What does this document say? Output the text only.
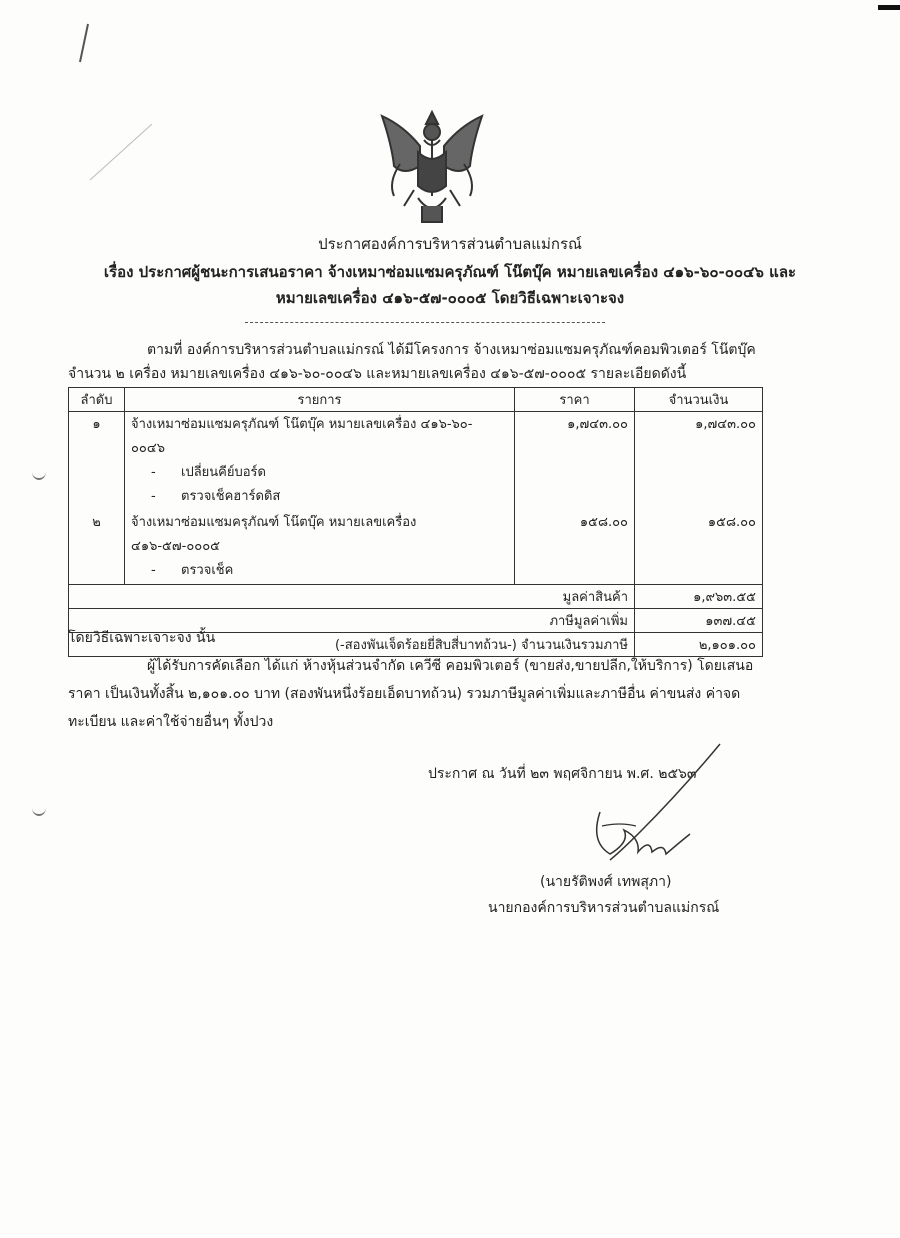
ประกาศองค์การบริหารส่วนตำบลแม่กรณ์
เรื่อง ประกาศผู้ชนะการเสนอราคา จ้างเหมาซ่อมแซมครุภัณฑ์ โน๊ตบุ๊ค หมายเลขเครื่อง ๔๑๖-๖๐-๐๐๔๖ และ
หมายเลขเครื่อง ๔๑๖-๕๗-๐๐๐๕ โดยวิธีเฉพาะเจาะจง
ตามที่ องค์การบริหารส่วนตำบลแม่กรณ์ ได้มีโครงการ จ้างเหมาซ่อมแซมครุภัณฑ์คอมพิวเตอร์ โน๊ตบุ๊ค
จำนวน ๒ เครื่อง หมายเลขเครื่อง ๔๑๖-๖๐-๐๐๔๖ และหมายเลขเครื่อง ๔๑๖-๕๗-๐๐๐๕ รายละเอียดดังนี้
ลำดับ	รายการ	ราคา	จำนวนเงิน
๑	จ้างเหมาซ่อมแซมครุภัณฑ์ โน๊ตบุ๊ค หมายเลขเครื่อง ๔๑๖-๖๐-
๐๐๔๖
- เปลี่ยนคีย์บอร์ด
- ตรวจเช็คฮาร์ดดิส	๑,๗๔๓.๐๐	๑,๗๔๓.๐๐
๒	จ้างเหมาซ่อมแซมครุภัณฑ์ โน๊ตบุ๊ค หมายเลขเครื่อง ๔๑๖-๕๗-๐๐๐๕
- ตรวจเช็ค	๑๕๘.๐๐	๑๕๘.๐๐
มูลค่าสินค้า			๑,๙๖๓.๕๕
ภาษีมูลค่าเพิ่ม			๑๓๗.๔๕
(-สองพันเจ็ดร้อยยี่สิบสี่บาทถ้วน-) จำนวนเงินรวมภาษี			๒,๑๐๑.๐๐
โดยวิธีเฉพาะเจาะจง นั้น
ผู้ได้รับการคัดเลือก ได้แก่ ห้างหุ้นส่วนจำกัด เควีซี คอมพิวเตอร์ (ขายส่ง,ขายปลีก,ให้บริการ) โดยเสนอ
ราคา เป็นเงินทั้งสิ้น ๒,๑๐๑.๐๐ บาท (สองพันหนึ่งร้อยเอ็ดบาทถ้วน) รวมภาษีมูลค่าเพิ่มและภาษีอื่น ค่าขนส่ง ค่าจด
ทะเบียน และค่าใช้จ่ายอื่นๆ ทั้งปวง
ประกาศ ณ วันที่ ๒๓ พฤศจิกายน พ.ศ. ๒๕๖๓
(นายรัติพงศ์ เทพสุภา)
นายกองค์การบริหารส่วนตำบลแม่กรณ์
